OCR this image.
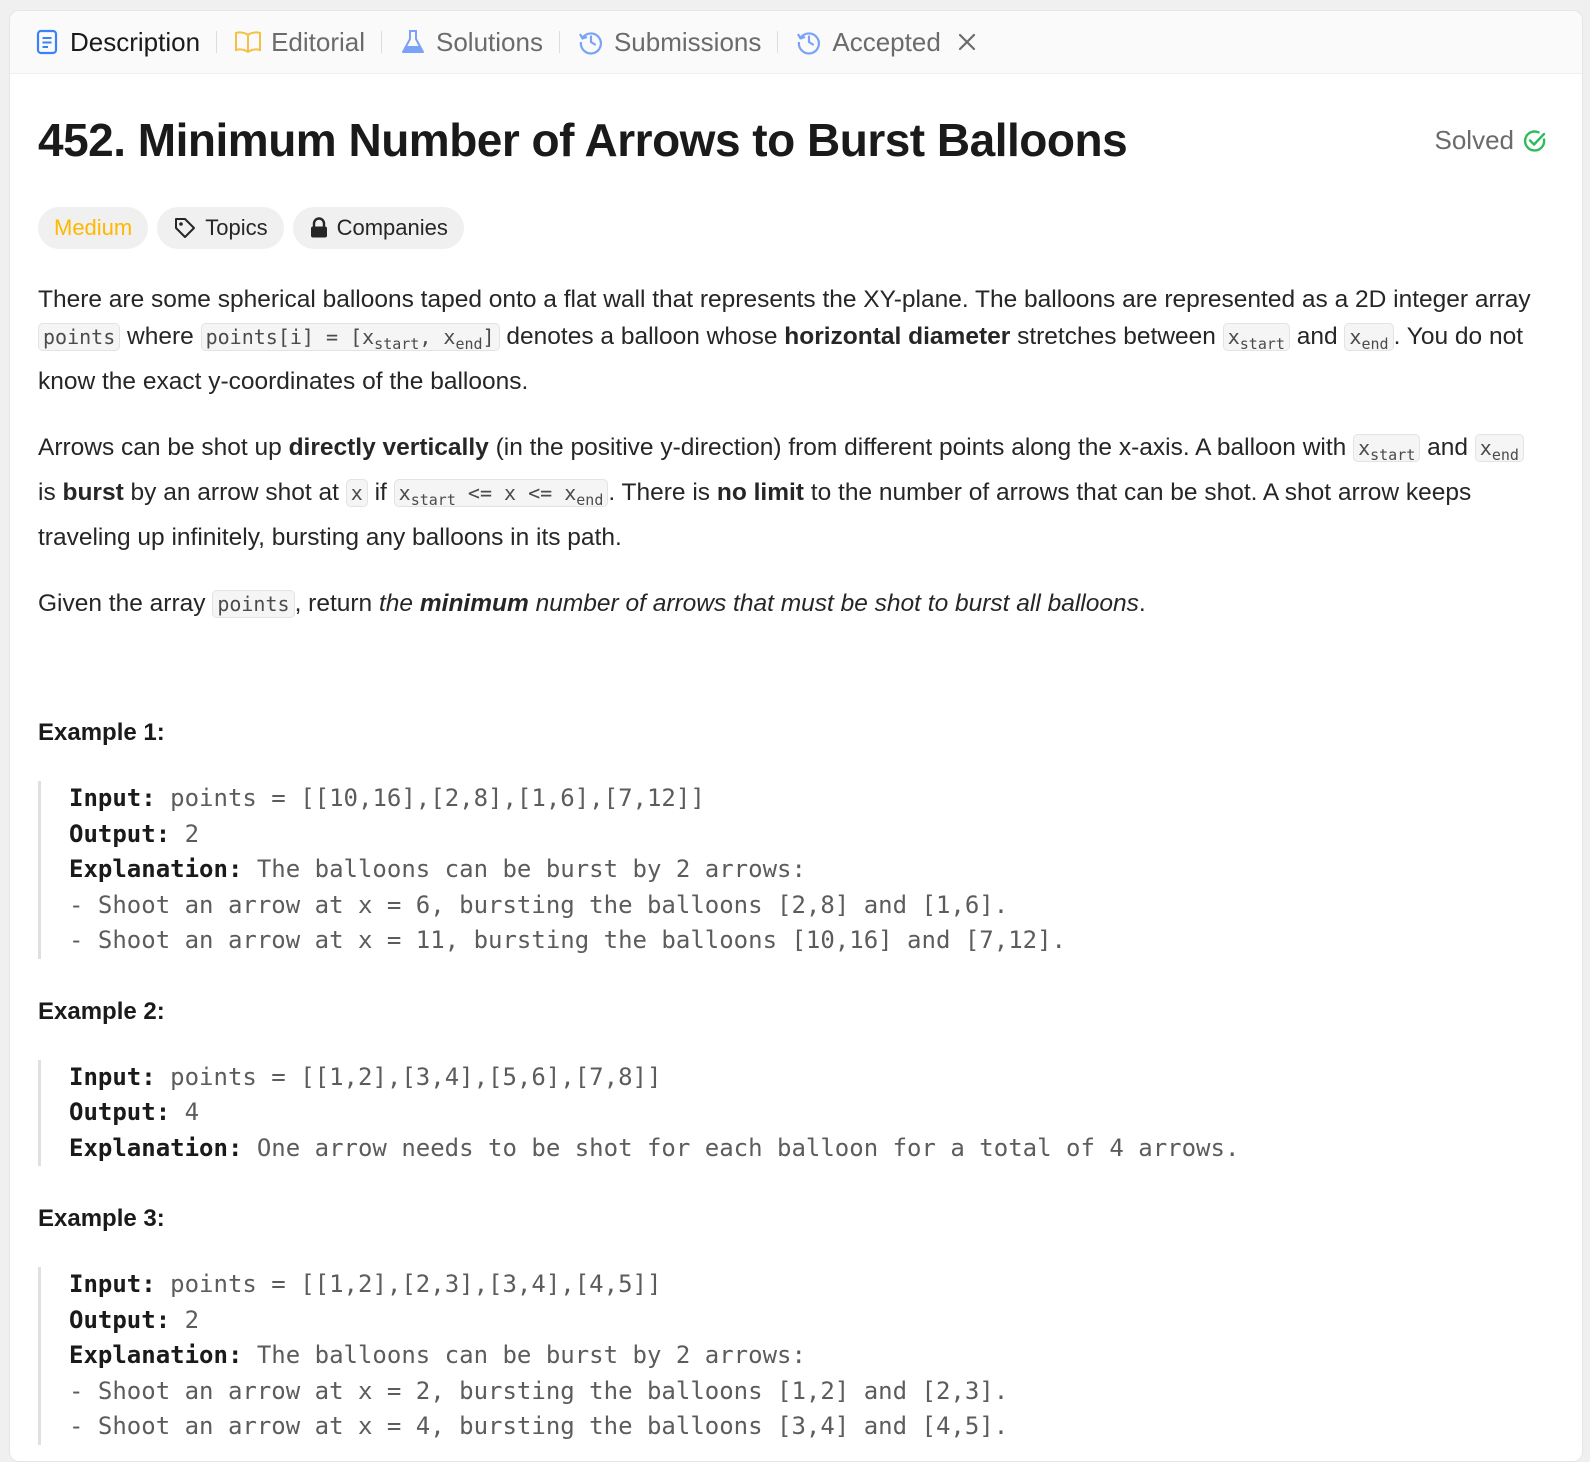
Description	Editorial	Solutions	Submissions	Accepted
452. Minimum Number of Arrows to Burst Balloons	Solved
Medium	Topics	Companies

There are some spherical balloons taped onto a flat wall that represents the XY-plane. The balloons are represented as a 2D integer array points where points[i] = [$x_{start}$, $x_{end}$] denotes a balloon whose horizontal diameter stretches between $x_{start}$ and $x_{end}$ . You do not know the exact y-coordinates of the balloons.

Arrows can be shot up directly vertically (in the positive y-direction) from different points along the x-axis. A balloon with $x_{start}$ and $x_{end}$ is burst by an arrow shot at x if $x_{start} <= x <= x_{end}$ . There is no limit to the number of arrows that can be shot. A shot arrow keeps traveling up infinitely, bursting any balloons in its path.

Given the array points , return the minimum number of arrows that must be shot to burst all balloons.

Example 1:

Input: points = [[10,16],[2,8],[1,6],[7,12]]
Output: 2
Explanation: The balloons can be burst by 2 arrows:
- Shoot an arrow at x = 6, bursting the balloons [2,8] and [1,6].
- Shoot an arrow at x = 11, bursting the balloons [10,16] and [7,12].

Example 2:

Input: points = [[1,2],[3,4],[5,6],[7,8]]
Output: 4
Explanation: One arrow needs to be shot for each balloon for a total of 4 arrows.

Example 3:

Input: points = [[1,2],[2,3],[3,4],[4,5]]
Output: 2
Explanation: The balloons can be burst by 2 arrows:
- Shoot an arrow at x = 2, bursting the balloons [1,2] and [2,3].
- Shoot an arrow at x = 4, bursting the balloons [3,4] and [4,5].
